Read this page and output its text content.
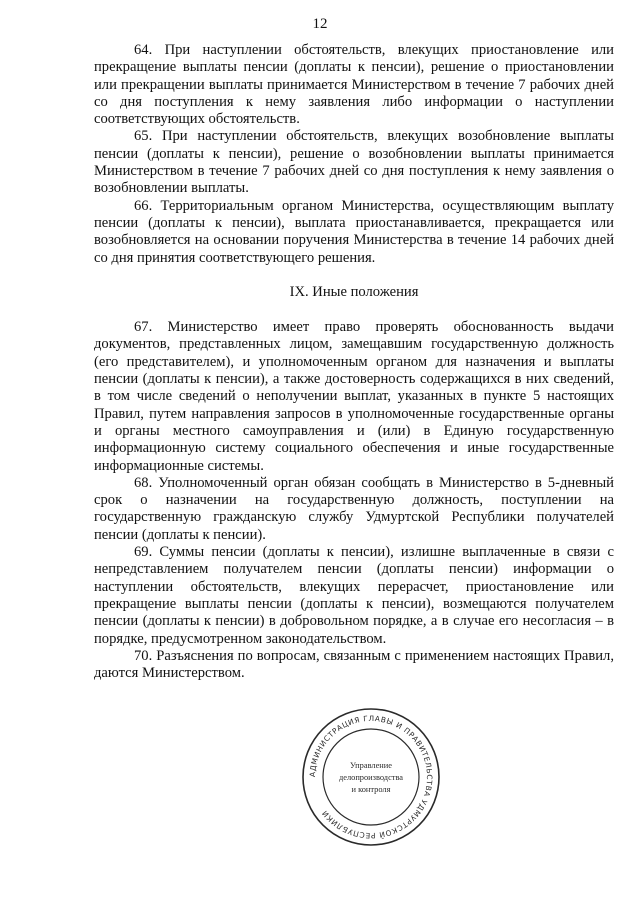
12

64. При наступлении обстоятельств, влекущих приостановление или прекращение выплаты пенсии (доплаты к пенсии), решение о приостановлении или прекращении выплаты принимается Министерством в течение 7 рабочих дней со дня поступления к нему заявления либо информации о наступлении соответствующих обстоятельств.

65. При наступлении обстоятельств, влекущих возобновление выплаты пенсии (доплаты к пенсии), решение о возобновлении выплаты принимается Министерством в течение 7 рабочих дней со дня поступления к нему заявления о возобновлении выплаты.

66. Территориальным органом Министерства, осуществляющим выплату пенсии (доплаты к пенсии), выплата приостанавливается, прекращается или возобновляется на основании поручения Министерства в течение 14 рабочих дней со дня принятия соответствующего решения.

IX. Иные положения

67. Министерство имеет право проверять обоснованность выдачи документов, представленных лицом, замещавшим государственную должность (его представителем), и уполномоченным органом для назначения и выплаты пенсии (доплаты к пенсии), а также достоверность содержащихся в них сведений, в том числе сведений о неполучении выплат, указанных в пункте 5 настоящих Правил, путем направления запросов в уполномоченные государственные органы и органы местного самоуправления и (или) в Единую государственную информационную систему социального обеспечения и иные государственные информационные системы.

68. Уполномоченный орган обязан сообщать в Министерство в 5-дневный срок о назначении на государственную должность, поступлении на государственную гражданскую службу Удмуртской Республики получателей пенсии (доплаты к пенсии).

69. Суммы пенсии (доплаты к пенсии), излишне выплаченные в связи с непредставлением получателем пенсии (доплаты пенсии) информации о наступлении обстоятельств, влекущих перерасчет, приостановление или прекращение выплаты пенсии (доплаты к пенсии), возмещаются получателем пенсии (доплаты к пенсии) в добровольном порядке, а в случае его несогласия – в порядке, предусмотренном законодательством.

70. Разъяснения по вопросам, связанным с применением настоящих Правил, даются Министерством.

АДМИНИСТРАЦИЯ ГЛАВЫ И ПРАВИТЕЛЬСТВА УДМУРТСКОЙ РЕСПУБЛИКИ
Управление
делопроизводства
и контроля
